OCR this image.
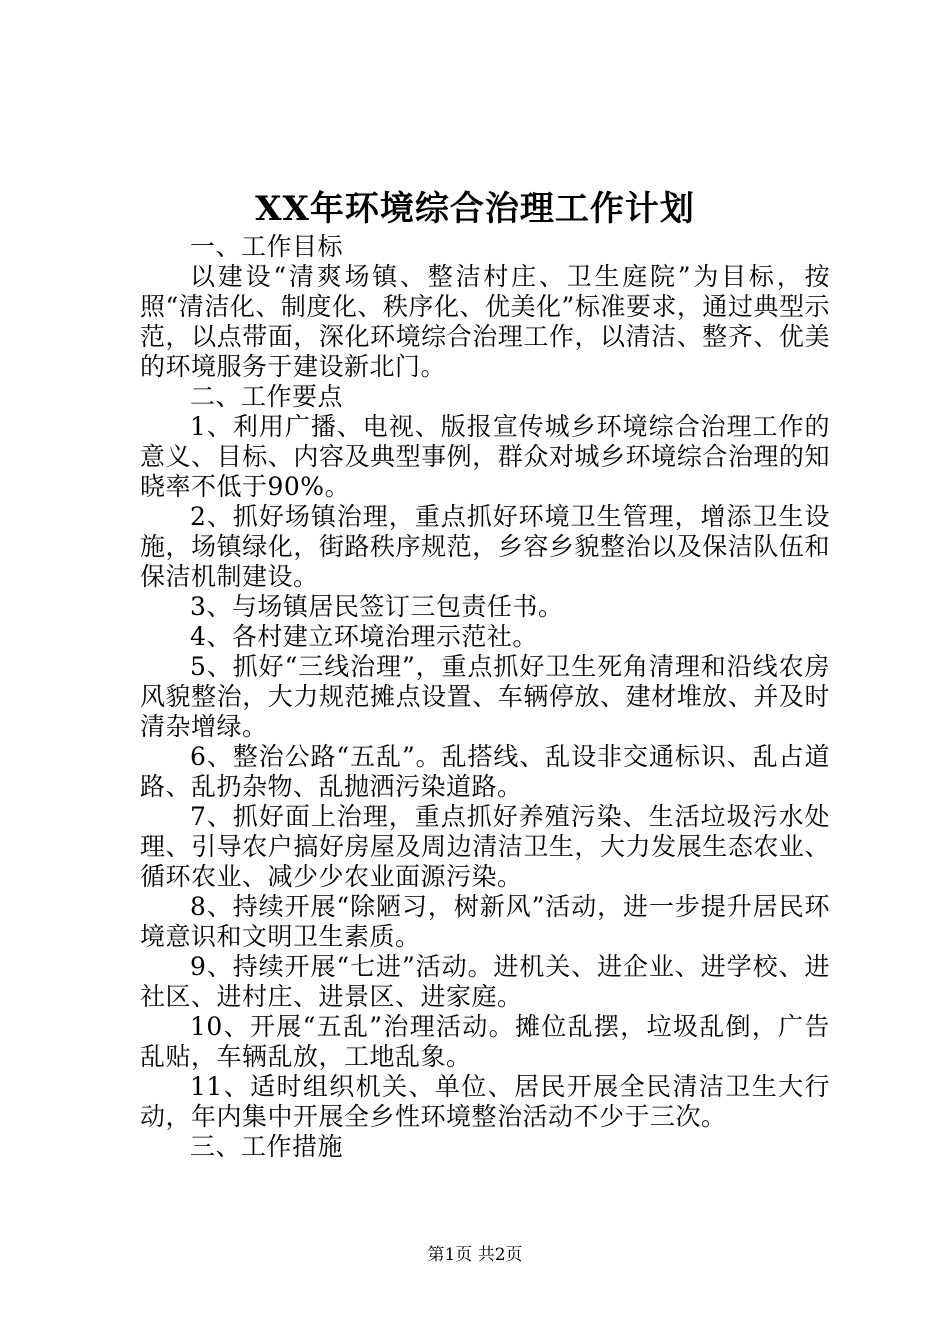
XX年环境综合治理工作计划

一、工作目标

以建设“清爽场镇、整洁村庄、卫生庭院”为目标，按照“清洁化、制度化、秩序化、优美化”标准要求，通过典型示范，以点带面，深化环境综合治理工作，以清洁、整齐、优美的环境服务于建设新北门。

二、工作要点

1、利用广播、电视、版报宣传城乡环境综合治理工作的意义、目标、内容及典型事例，群众对城乡环境综合治理的知晓率不低于90%。

2、抓好场镇治理，重点抓好环境卫生管理，增添卫生设施，场镇绿化，街路秩序规范，乡容乡貌整治以及保洁队伍和保洁机制建设。

3、与场镇居民签订三包责任书。

4、各村建立环境治理示范社。

5、抓好“三线治理”，重点抓好卫生死角清理和沿线农房风貌整治，大力规范摊点设置、车辆停放、建材堆放、并及时清杂增绿。

6、整治公路“五乱”。乱搭线、乱设非交通标识、乱占道路、乱扔杂物、乱抛洒污染道路。

7、抓好面上治理，重点抓好养殖污染、生活垃圾污水处理、引导农户搞好房屋及周边清洁卫生，大力发展生态农业、循环农业、减少少农业面源污染。

8、持续开展“除陋习，树新风”活动，进一步提升居民环境意识和文明卫生素质。

9、持续开展“七进”活动。进机关、进企业、进学校、进社区、进村庄、进景区、进家庭。

10、开展“五乱”治理活动。摊位乱摆，垃圾乱倒，广告乱贴，车辆乱放，工地乱象。

11、适时组织机关、单位、居民开展全民清洁卫生大行动，年内集中开展全乡性环境整治活动不少于三次。

三、工作措施

第1页 共2页
